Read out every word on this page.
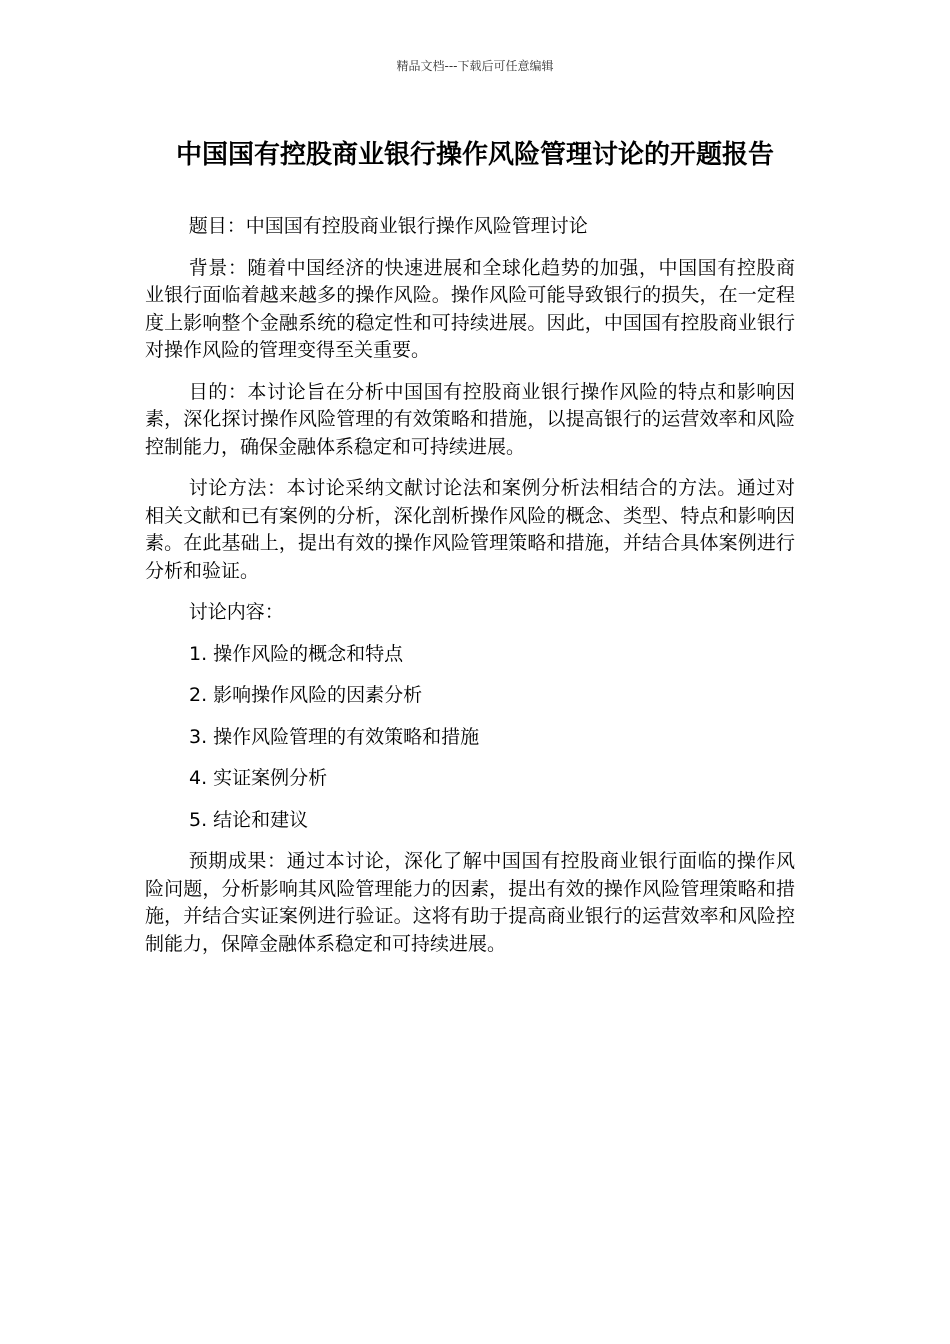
精品文档---下载后可任意编辑
中国国有控股商业银行操作风险管理讨论的开题报告

题目：中国国有控股商业银行操作风险管理讨论

背景：随着中国经济的快速进展和全球化趋势的加强，中国国有控股商业银行面临着越来越多的操作风险。操作风险可能导致银行的损失，在一定程度上影响整个金融系统的稳定性和可持续进展。因此，中国国有控股商业银行对操作风险的管理变得至关重要。

目的：本讨论旨在分析中国国有控股商业银行操作风险的特点和影响因素，深化探讨操作风险管理的有效策略和措施，以提高银行的运营效率和风险控制能力，确保金融体系稳定和可持续进展。

讨论方法：本讨论采纳文献讨论法和案例分析法相结合的方法。通过对相关文献和已有案例的分析，深化剖析操作风险的概念、类型、特点和影响因素。在此基础上，提出有效的操作风险管理策略和措施，并结合具体案例进行分析和验证。

讨论内容：

1. 操作风险的概念和特点

2. 影响操作风险的因素分析

3. 操作风险管理的有效策略和措施

4. 实证案例分析

5. 结论和建议

预期成果：通过本讨论，深化了解中国国有控股商业银行面临的操作风险问题，分析影响其风险管理能力的因素，提出有效的操作风险管理策略和措施，并结合实证案例进行验证。这将有助于提高商业银行的运营效率和风险控制能力，保障金融体系稳定和可持续进展。
